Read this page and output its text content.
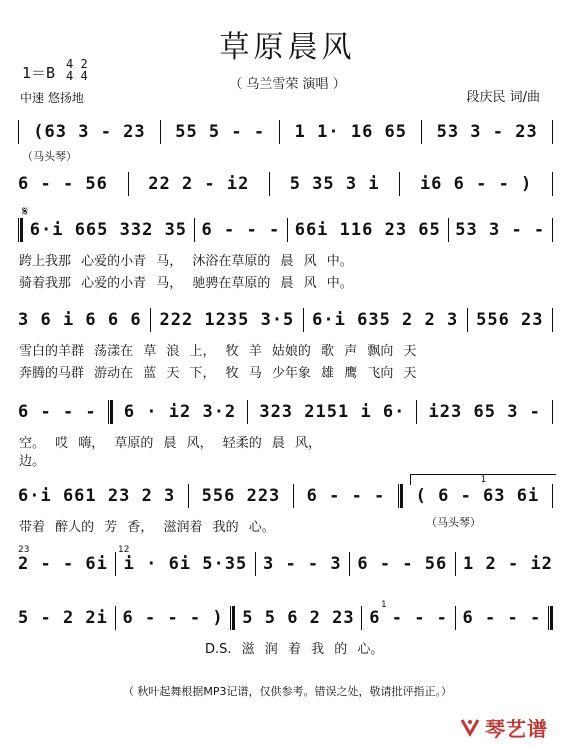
草原晨风
（ 乌兰雪荣 演唱 ）
1＝B 4 2
4 4
中速 悠扬地	段庆民 词/曲
(63 3 - 23 55 5 - - 1 1· 16 65 53 3 - 23
（马头琴）
6 - - 56 22 2 - i2 5 35 3 i i6 6 - - )
𝄋
6·i 665 332 35 6 - - - 66i 116 23 65 53 3 - -
跨上我那 心爱的小青 马， 沐浴在草原的 晨 风 中。
骑着我那 心爱的小青 马， 驰骋在草原的 晨 风 中。
3 6 i 6 6 6 222 1235 3·5 6·i 635 2 2 3 556 23
雪白的羊群 荡漾在 草 浪 上， 牧 羊 姑娘的 歌 声 飘向 天
奔腾的马群 游动在 蓝 天 下， 牧 马 少年象 雄 鹰 飞向 天
6 - - - 6 · i2 3·2 323 2151 i 6· i23 65 3 -
空。 哎 嗨， 草原的 晨 风， 轻柔的 晨 风，
边。
1
6·i 661 23 2 3 556 223 6 - - - ( 6 - 63 6i
带着 醉人的 芳 香， 滋润着 我的 心。	（马头琴）
23	12
2 - - 6i i · 6i 5·35 3 - - 3 6 - - 56 1 2 - i2
1
5 - 2 2i 6 - - - ) 5 5 6 2 23 6 - - - 6 - - -
D.S. 滋 润 着 我 的 心。
（ 秋叶起舞根据MP3记谱，仅供参考。错误之处，敬请批评指正。）
琴艺谱
